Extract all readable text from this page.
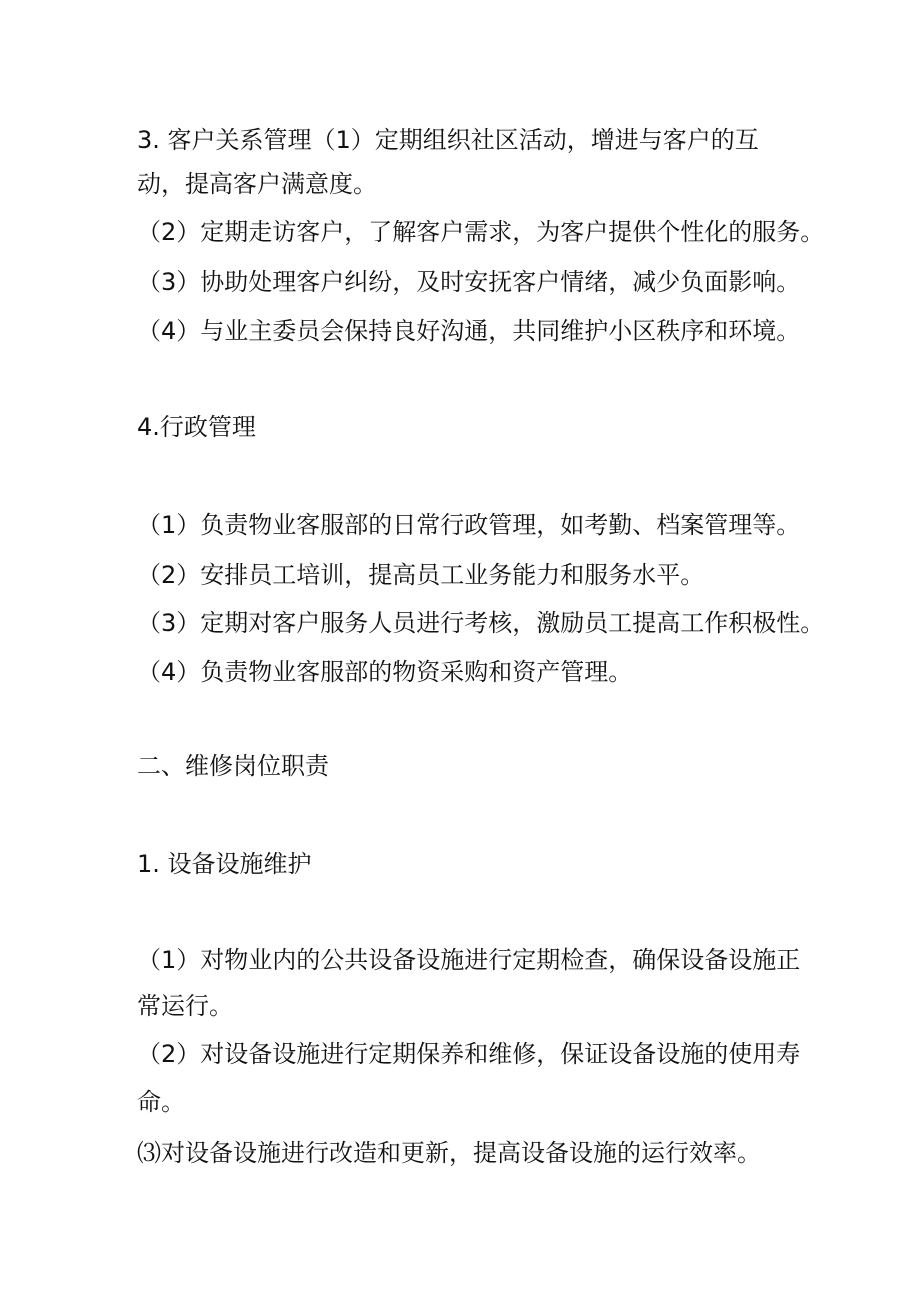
3. 客户关系管理（1）定期组织社区活动，增进与客户的互
动，提高客户满意度。
（2）定期走访客户，了解客户需求，为客户提供个性化的服务。
（3）协助处理客户纠纷，及时安抚客户情绪，减少负面影响。
（4）与业主委员会保持良好沟通，共同维护小区秩序和环境。
4.行政管理
（1）负责物业客服部的日常行政管理，如考勤、档案管理等。
（2）安排员工培训，提高员工业务能力和服务水平。
（3）定期对客户服务人员进行考核，激励员工提高工作积极性。
（4）负责物业客服部的物资采购和资产管理。
二、维修岗位职责
1. 设备设施维护
（1）对物业内的公共设备设施进行定期检查，确保设备设施正
常运行。
（2）对设备设施进行定期保养和维修，保证设备设施的使用寿
命。
⑶对设备设施进行改造和更新，提高设备设施的运行效率。
